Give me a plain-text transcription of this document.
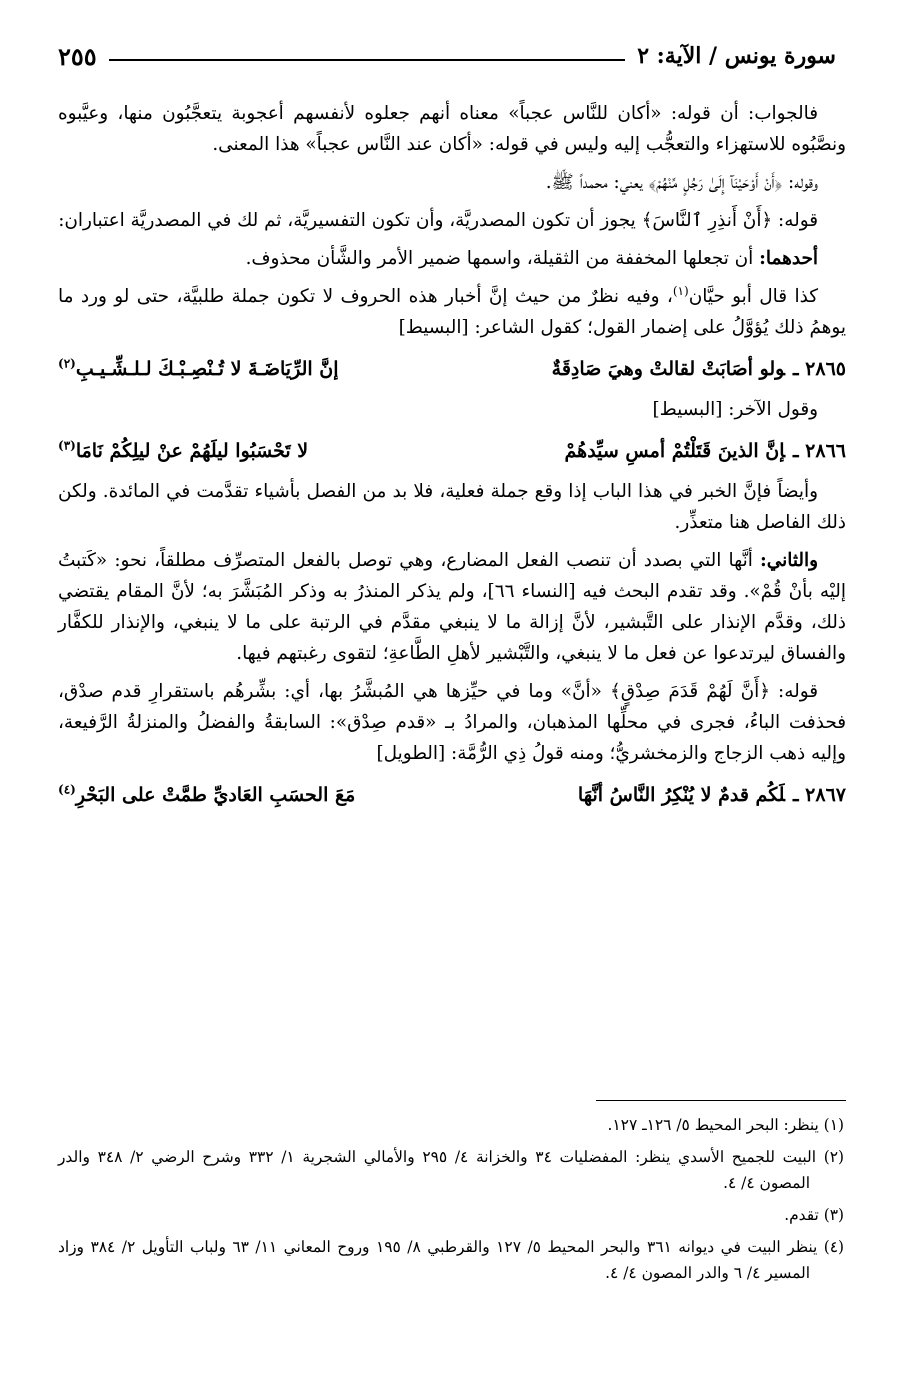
سورة يونس / الآية: ٢
٢٥٥

فالجواب: أن قوله: «أكان للنَّاس عجباً» معناه أنهم جعلوه لأنفسهم أعجوبة يتعجَّبُون منها، وعيَّبوه ونصَّبُوه للاستهزاء والتعجُّب إليه وليس في قوله: «أكان عند النَّاس عجباً» هذا المعنى.

وقوله: ﴿أَنْ أَوْحَيْنَآ إِلَىٰ رَجُلٍ مِّنْهُمْ﴾ يعني: محمداً ﷺ.

قوله: ﴿أَنْ أَنذِرِ ٱلنَّاسَ﴾ يجوز أن تكون المصدريَّة، وأن تكون التفسيريَّة، ثم لك في المصدريَّة اعتباران:

أحدهما: أن تجعلها المخففة من الثقيلة، واسمها ضمير الأمر والشَّأن محذوف.

كذا قال أبو حيَّان$^{(١)}$، وفيه نظرٌ من حيث إنَّ أخبار هذه الحروف لا تكون جملة طلبيَّة، حتى لو ورد ما يوهمُ ذلك يُؤوَّلُ على إضمار القول؛ كقول الشاعر: [البسيط]

٢٨٦٥ ـولو أصَابَتْ لقالتْ وهيَ صَادِقَةٌ
إنَّ الرِّيَاضَـةَ لا تُـنْصِـبْـكَ لـلـشِّـيـبِ$^{(٢)}$

وقول الآخر: [البسيط]

٢٨٦٦ ـإنَّ الذينَ قَتَلْتُمْ أمسِ سيِّدهُمْ
لا تَحْسَبُوا ليلَهُمْ عنْ ليلِكُمْ نَامَا$^{(٣)}$

وأيضاً فإنَّ الخبر في هذا الباب إذا وقع جملة فعلية، فلا بد من الفصل بأشياء تقدَّمت في المائدة. ولكن ذلك الفاصل هنا متعذِّر.

والثاني: أنَّها التي بصدد أن تنصب الفعل المضارع، وهي توصل بالفعل المتصرِّف مطلقاً، نحو: «كَتبتُ إليْه بأنْ قُمْ». وقد تقدم البحث فيه [النساء ٦٦]، ولم يذكر المنذرُ به وذكر المُبَشَّرَ به؛ لأنَّ المقام يقتضي ذلك، وقدَّم الإنذار على التَّبشير، لأنَّ إزالة ما لا ينبغي مقدَّم في الرتبة على ما لا ينبغي، والإنذار للكفَّار والفساق ليرتدعوا عن فعل ما لا ينبغي، والتَّبْشير لأهلِ الطَّاعةِ؛ لتقوى رغبتهم فيها.

قوله: ﴿أَنَّ لَهُمْ قَدَمَ صِدْقٍ﴾ «أنَّ» وما في حيِّزها هي المُبشَّرُ بها، أي: بشِّرهُم باستقرارِ قدم صدْق، فحذفت الباءُ، فجرى في محلِّها المذهبان، والمرادُ بـ «قدم صِدْق»: السابقةُ والفضلُ والمنزلةُ الرَّفيعة، وإليه ذهب الزجاج والزمخشريُّ؛ ومنه قولُ ذِي الرُّمَّة: [الطويل]

٢٨٦٧ ـلَكُم قدمٌ لا يُنْكِرُ النَّاسُ أنَّهَا
مَعَ الحسَبِ العَاديِّ طمَّتْ على البَحْرِ$^{(٤)}$

(١) ينظر: البحر المحيط ٥/ ١٢٦ـ ١٢٧.

(٢) البيت للجميح الأسدي ينظر: المفضليات ٣٤ والخزانة ٤/ ٢٩٥ والأمالي الشجرية ١/ ٣٣٢ وشرح الرضي ٢/ ٣٤٨ والدر المصون ٤/ ٤.

(٣) تقدم.

(٤) ينظر البيت في ديوانه ٣٦١ والبحر المحيط ٥/ ١٢٧ والقرطبي ٨/ ١٩٥ وروح المعاني ١١/ ٦٣ ولباب التأويل ٢/ ٣٨٤ وزاد المسير ٤/ ٦ والدر المصون ٤/ ٤.
